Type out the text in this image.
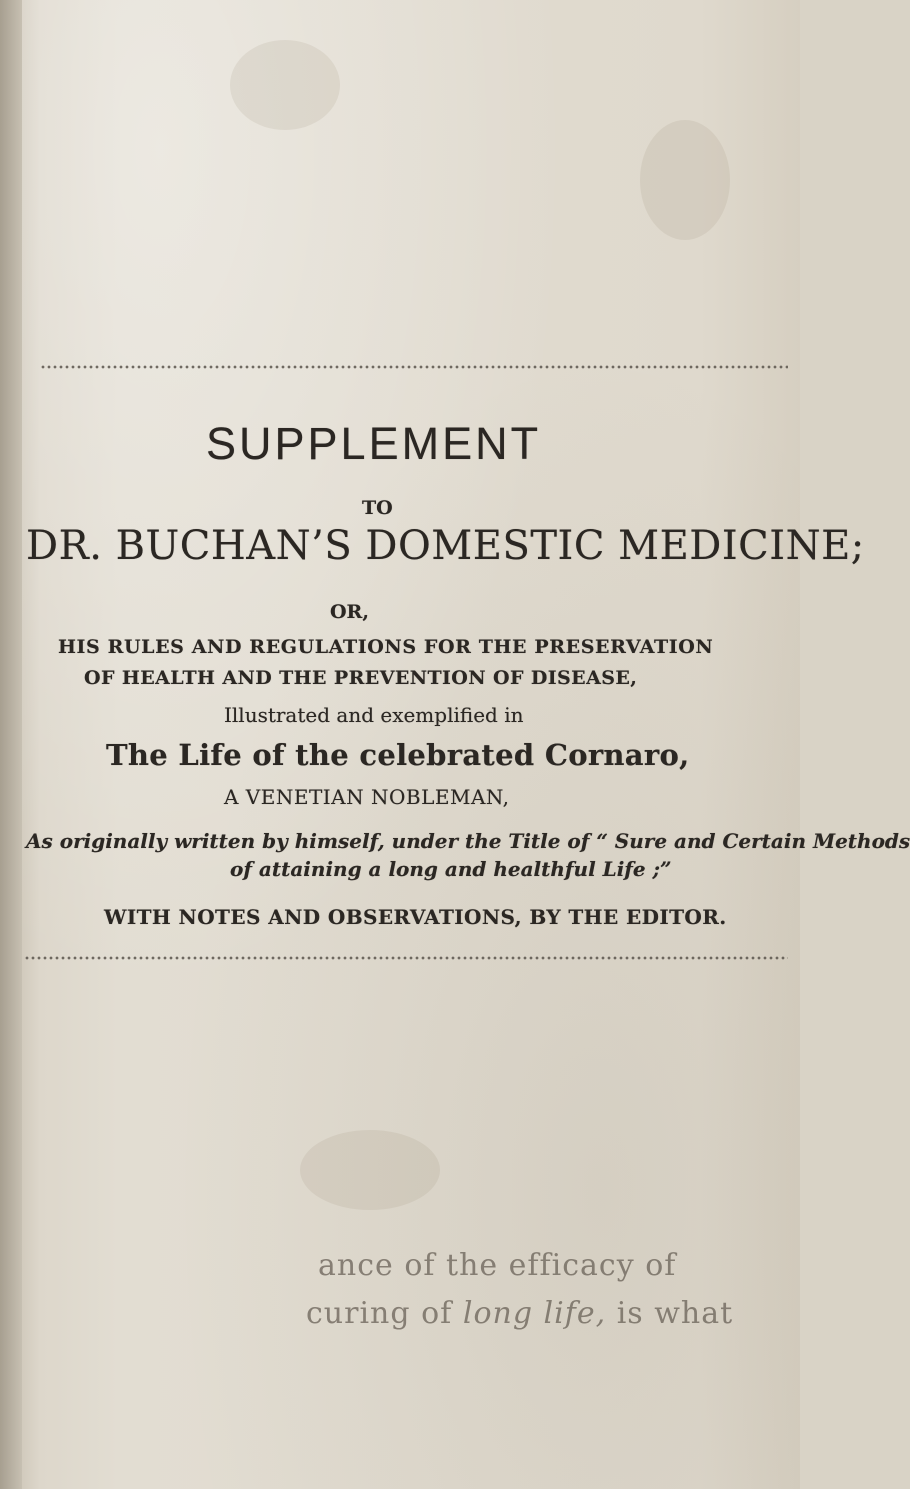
SUPPLEMENT
TO
DR. BUCHAN’S DOMESTIC MEDICINE;
OR,
HIS RULES AND REGULATIONS FOR THE PRESERVATION
OF HEALTH AND THE PREVENTION OF DISEASE,
Illustrated and exemplified in
The Life of the celebrated Cornaro,
A VENETIAN NOBLEMAN,
As originally written by himself, under the Title of “ Sure and Certain Methods
of attaining a long and healthful Life ;”
WITH NOTES AND OBSERVATIONS, BY THE EDITOR.
ance of the efficacy of
curing of long life, is what
